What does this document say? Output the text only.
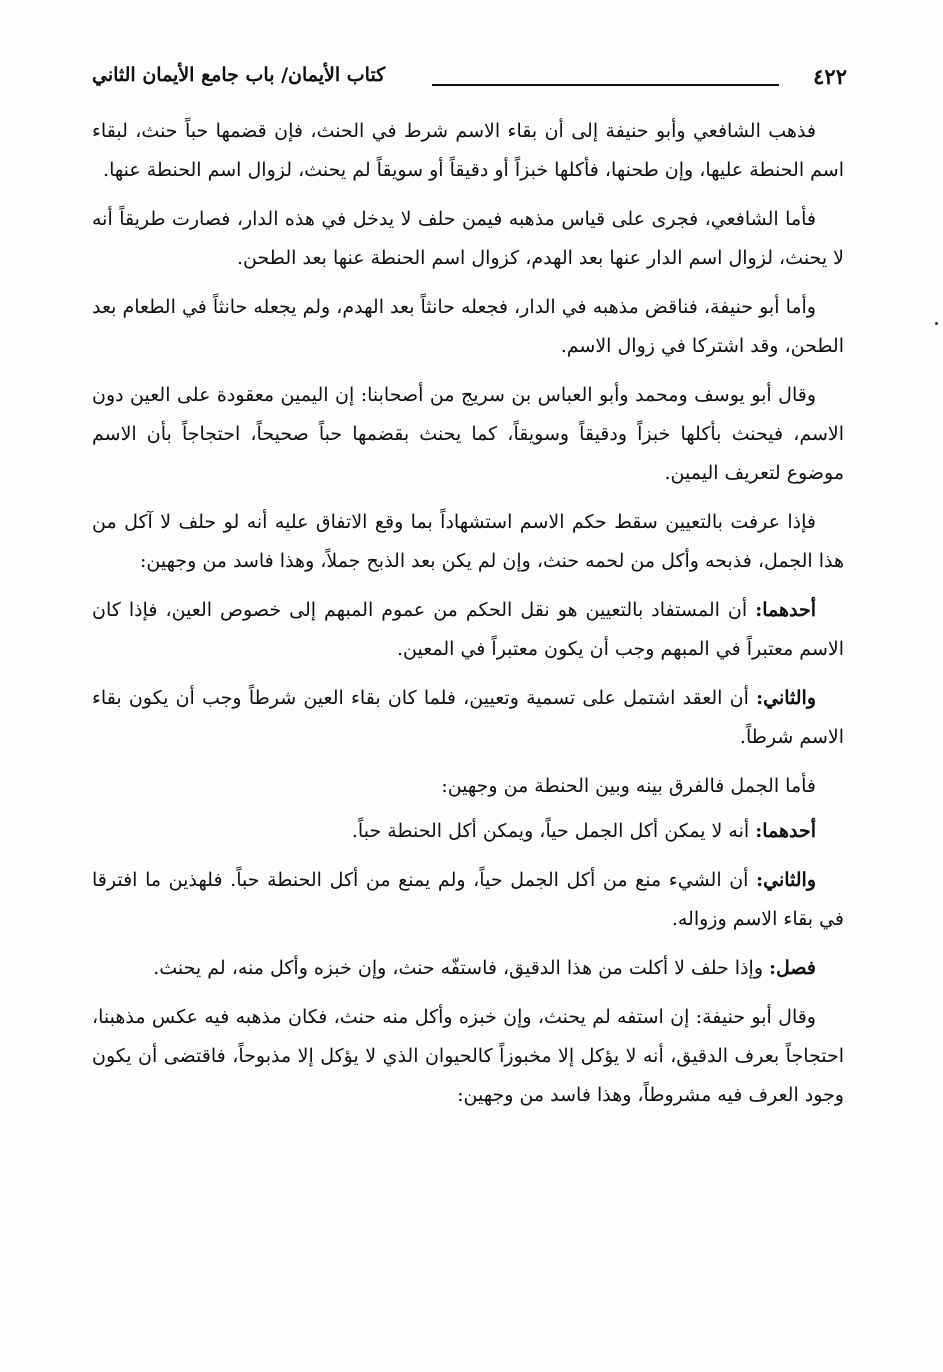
٤٢٢
كتاب الأيمان/ باب جامع الأيمان الثاني

فذهب الشافعي وأبو حنيفة إلى أن بقاء الاسم شرط في الحنث، فإن قضمها حباً حنث، لبقاء اسم الحنطة عليها، وإن طحنها، فأكلها خبزاً أو دقيقاً أو سويقاً لم يحنث، لزوال اسم الحنطة عنها.

فأما الشافعي، فجرى على قياس مذهبه فيمن حلف لا يدخل في هذه الدار، فصارت طريقاً أنه لا يحنث، لزوال اسم الدار عنها بعد الهدم، كزوال اسم الحنطة عنها بعد الطحن.

وأما أبو حنيفة، فناقض مذهبه في الدار، فجعله حانثاً بعد الهدم، ولم يجعله حانثاً في الطعام بعد الطحن، وقد اشتركا في زوال الاسم.

وقال أبو يوسف ومحمد وأبو العباس بن سريج من أصحابنا: إن اليمين معقودة على العين دون الاسم، فيحنث بأكلها خبزاً ودقيقاً وسويقاً، كما يحنث بقضمها حباً صحيحاً، احتجاجاً بأن الاسم موضوع لتعريف اليمين.

فإذا عرفت بالتعيين سقط حكم الاسم استشهاداً بما وقع الاتفاق عليه أنه لو حلف لا آكل من هذا الجمل، فذبحه وأكل من لحمه حنث، وإن لم يكن بعد الذبح جملاً، وهذا فاسد من وجهين:

أحدهما: أن المستفاد بالتعيين هو نقل الحكم من عموم المبهم إلى خصوص العين، فإذا كان الاسم معتبراً في المبهم وجب أن يكون معتبراً في المعين.

والثاني: أن العقد اشتمل على تسمية وتعيين، فلما كان بقاء العين شرطاً وجب أن يكون بقاء الاسم شرطاً.

فأما الجمل فالفرق بينه وبين الحنطة من وجهين:

أحدهما: أنه لا يمكن أكل الجمل حياً، ويمكن أكل الحنطة حباً.

والثاني: أن الشيء منع من أكل الجمل حياً، ولم يمنع من أكل الحنطة حباً. فلهذين ما افترقا في بقاء الاسم وزواله.

فصل: وإذا حلف لا أكلت من هذا الدقيق، فاستفّه حنث، وإن خبزه وأكل منه، لم يحنث.

وقال أبو حنيفة: إن استفه لم يحنث، وإن خبزه وأكل منه حنث، فكان مذهبه فيه عكس مذهبنا، احتجاجاً بعرف الدقيق، أنه لا يؤكل إلا مخبوزاً كالحيوان الذي لا يؤكل إلا مذبوحاً، فاقتضى أن يكون وجود العرف فيه مشروطاً، وهذا فاسد من وجهين:
